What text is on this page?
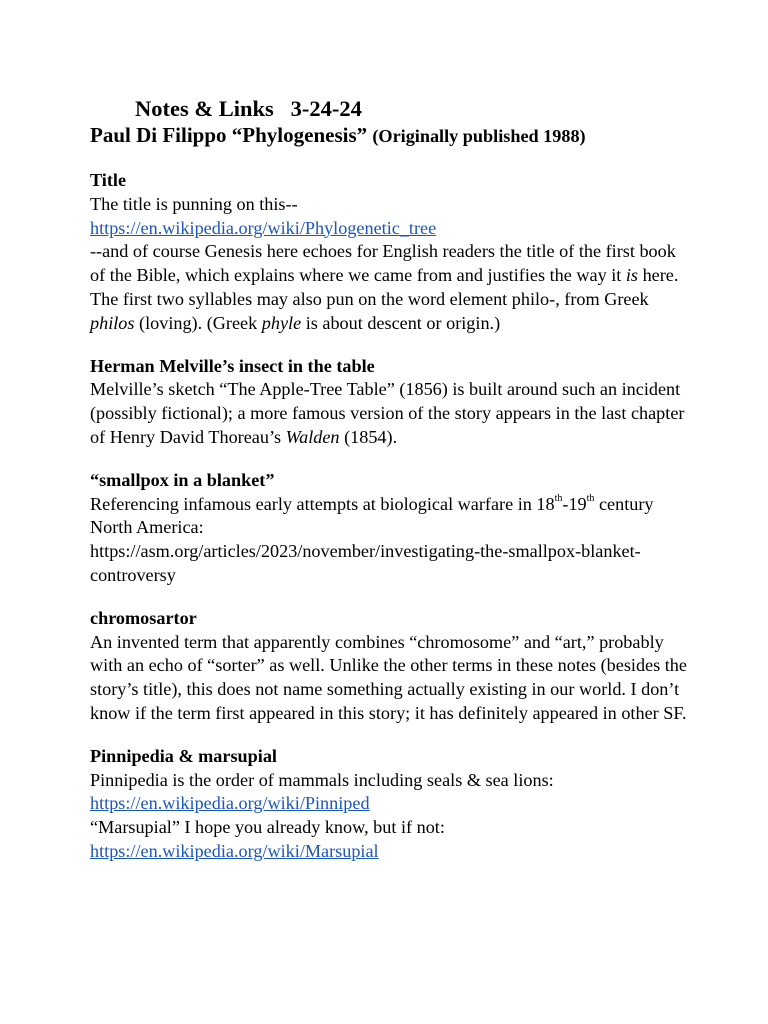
Notes & Links   3-24-24
Paul Di Filippo “Phylogenesis” (Originally published 1988)
Title
The title is punning on this--
https://en.wikipedia.org/wiki/Phylogenetic_tree
--and of course Genesis here echoes for English readers the title of the first book of the Bible, which explains where we came from and justifies the way it is here.
The first two syllables may also pun on the word element philo-, from Greek philos (loving). (Greek phyle is about descent or origin.)
Herman Melville’s insect in the table
Melville’s sketch “The Apple-Tree Table” (1856) is built around such an incident (possibly fictional); a more famous version of the story appears in the last chapter of Henry David Thoreau’s Walden (1854).
“smallpox in a blanket”
Referencing infamous early attempts at biological warfare in 18th-19th century North America:
https://asm.org/articles/2023/november/investigating-the-smallpox-blanket-controversy
chromosartor
An invented term that apparently combines “chromosome” and “art,” probably with an echo of “sorter” as well. Unlike the other terms in these notes (besides the story’s title), this does not name something actually existing in our world. I don’t know if the term first appeared in this story; it has definitely appeared in other SF.
Pinnipedia & marsupial
Pinnipedia is the order of mammals including seals & sea lions:
https://en.wikipedia.org/wiki/Pinniped
“Marsupial” I hope you already know, but if not:
https://en.wikipedia.org/wiki/Marsupial
